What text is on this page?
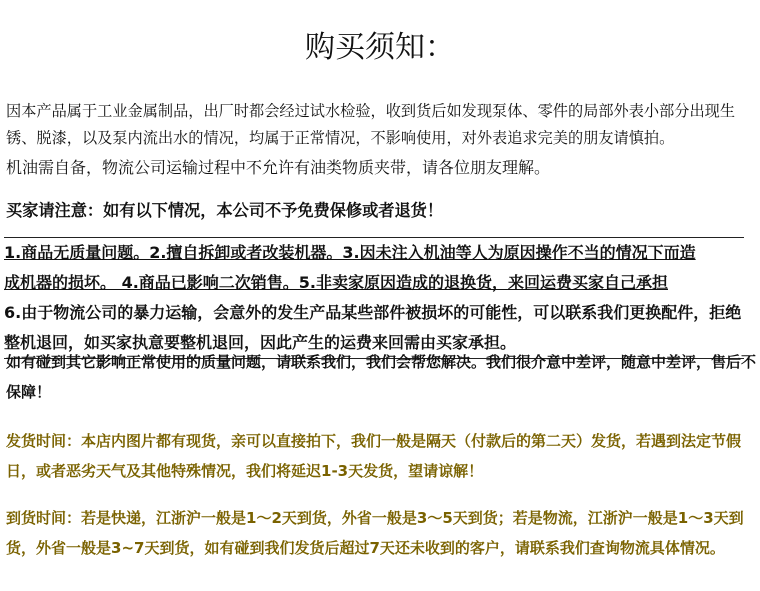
购买须知：

因本产品属于工业金属制品，出厂时都会经过试水检验，收到货后如发现泵体、零件的局部外表小部分出现生锈、脱漆，以及泵内流出水的情况，均属于正常情况，不影响使用，对外表追求完美的朋友请慎拍。

机油需自备，物流公司运输过程中不允许有油类物质夹带，请各位朋友理解。

买家请注意：如有以下情况，本公司不予免费保修或者退货！

1.商品无质量问题。2.擅自拆卸或者改装机器。3.因未注入机油等人为原因操作不当的情况下而造
成机器的损坏。 4.商品已影响二次销售。5.非卖家原因造成的退换货，来回运费买家自己承担
6.由于物流公司的暴力运输，会意外的发生产品某些部件被损坏的可能性，可以联系我们更换配件，拒绝
整机退回，如买家执意要整机退回，因此产生的运费来回需由买家承担。

如有碰到其它影响正常使用的质量问题，请联系我们，我们会帮您解决。我们很介意中差评，随意中差评，售后不保障！

发货时间：本店内图片都有现货，亲可以直接拍下，我们一般是隔天（付款后的第二天）发货，若遇到法定节假日，或者恶劣天气及其他特殊情况，我们将延迟1-3天发货，望请谅解！

到货时间：若是快递，江浙沪一般是1～2天到货，外省一般是3～5天到货；若是物流，江浙沪一般是1～3天到货，外省一般是3~7天到货，如有碰到我们发货后超过7天还未收到的客户，请联系我们查询物流具体情况。
